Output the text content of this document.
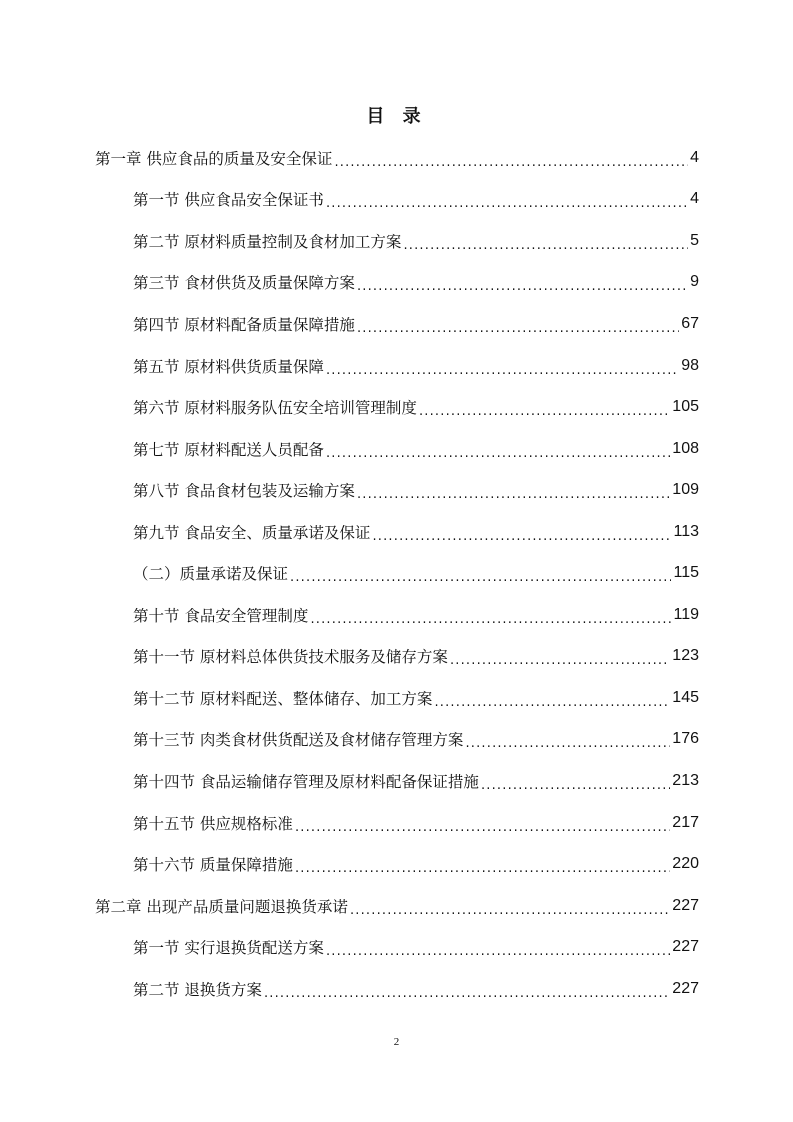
目 录
第一章 供应食品的质量及安全保证 .....	4
第一节 供应食品安全保证书 .....	4
第二节 原材料质量控制及食材加工方案 .....	5
第三节 食材供货及质量保障方案 .....	9
第四节 原材料配备质量保障措施 .....	67
第五节 原材料供货质量保障 .....	98
第六节 原材料服务队伍安全培训管理制度 .....	105
第七节 原材料配送人员配备 .....	108
第八节 食品食材包装及运输方案 .....	109
第九节 食品安全、质量承诺及保证 .....	113
（二）质量承诺及保证 .....	115
第十节 食品安全管理制度 .....	119
第十一节 原材料总体供货技术服务及储存方案 .....	123
第十二节 原材料配送、整体储存、加工方案 .....	145
第十三节 肉类食材供货配送及食材储存管理方案 .....	176
第十四节 食品运输储存管理及原材料配备保证措施 .....	213
第十五节 供应规格标准 .....	217
第十六节 质量保障措施 .....	220
第二章 出现产品质量问题退换货承诺 .....	227
第一节 实行退换货配送方案 .....	227
第二节 退换货方案 .....	227
2
